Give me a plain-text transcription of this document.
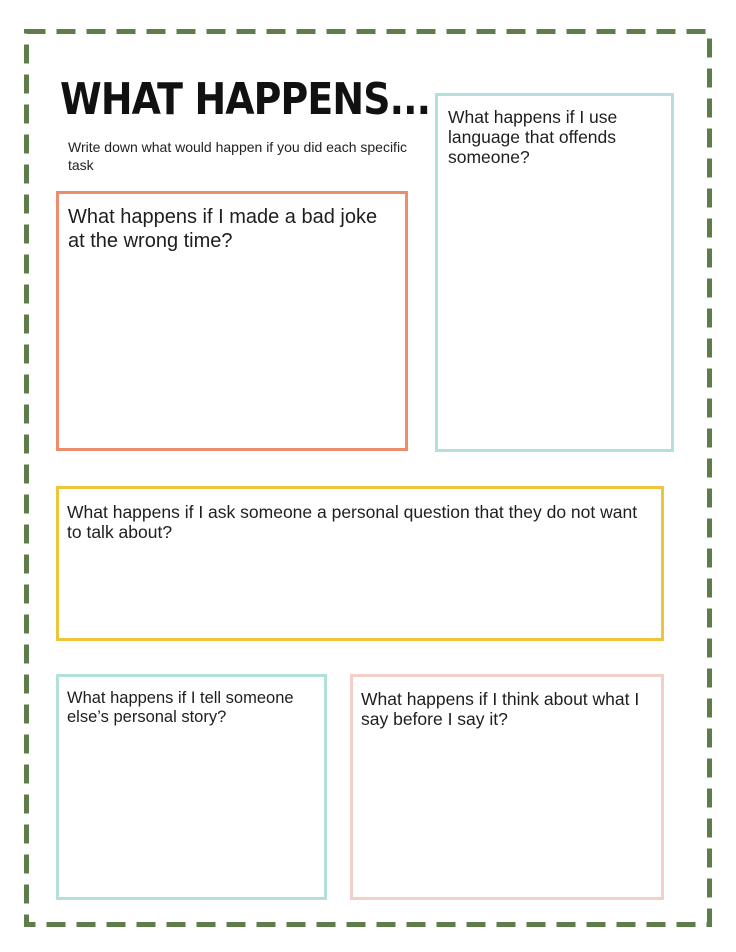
WHAT HAPPENS...
Write down what would happen if you did each specific task
What happens if I made a bad joke at the wrong time?
What happens if I use language that offends someone?
What happens if I ask someone a personal question that they do not want to talk about?
What happens if I tell someone else’s personal story?
What happens if I think about what I say before I say it?
